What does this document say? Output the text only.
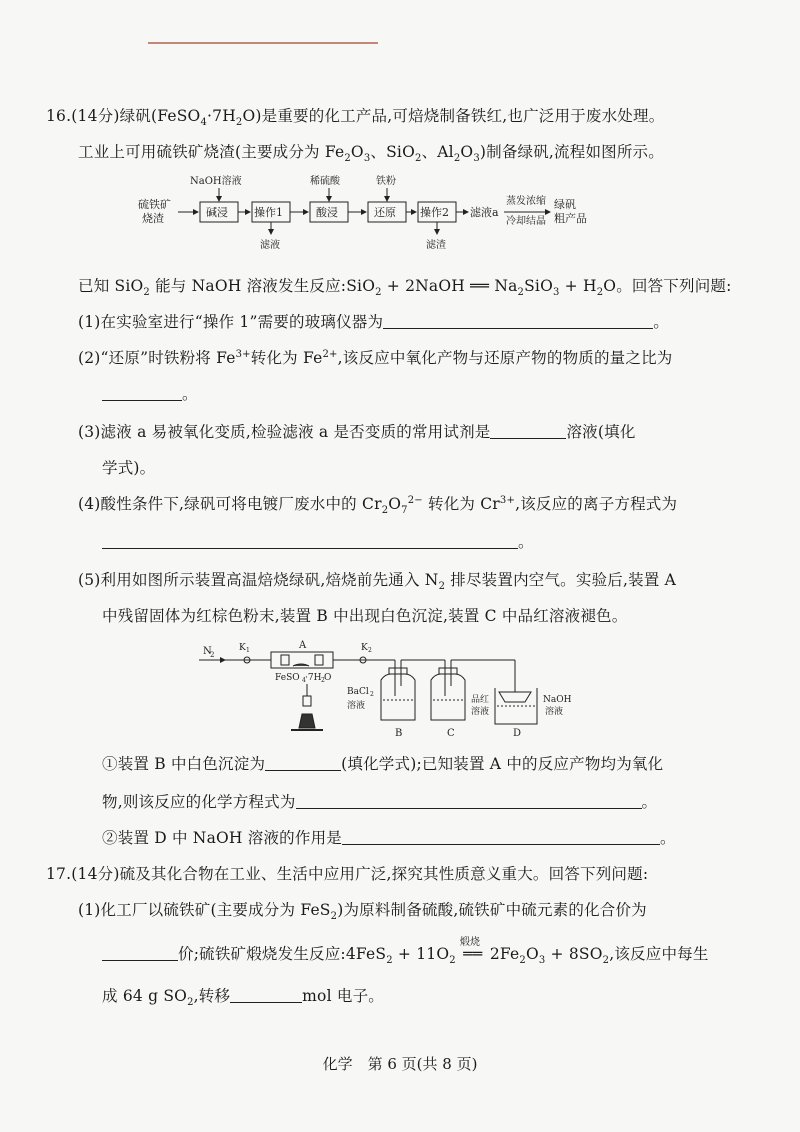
16.(14分)绿矾$(FeSO_4\cdot 7H_2O)$是重要的化工产品,可焙烧制备铁红,也广泛用于废水处理。
工业上可用硫铁矿烧渣(主要成分为 $Fe_2O_3$、SiO$_2$、$Al_2O_3$)制备绿矾,流程如图所示。
硫铁矿
烧渣	碱浸
NaOH溶液
操作1
滤液
酸浸
稀硫酸
还原
铁粉
操作2
滤渣
滤液a
蒸发浓缩
冷却结晶
绿矾
粗产品
已知 SiO$_2$ 能与 NaOH 溶液发生反应:SiO$_2$ + 2NaOH ══ $Na_2SiO_3 + H_2O$。回答下列问题:
(1)在实验室进行“操作 1”需要的玻璃仪器为	。
(2)“还原”时铁粉将 $Fe^{3+}$转化为 $Fe^{2+}$,该反应中氧化产物与还原产物的物质的量之比为
。
(3)滤液 a 易被氧化变质,检验滤液 a 是否变质的常用试剂是	溶液(填化
学式)。
(4)酸性条件下,绿矾可将电镀厂废水中的 $Cr_2O_7^{2-}$ 转化为 $Cr^{3+}$,该反应的离子方程式为
。
(5)利用如图所示装置高温焙烧绿矾,焙烧前先通入 $N_2$ 排尽装置内空气。实验后,装置 A
中残留固体为红棕色粉末,装置 B 中出现白色沉淀,装置 C 中品红溶液褪色。
N
2
K 1	A	K 2
FeSO 4 ·7H 2 O
BaCl 2
溶液
B	C
品红
溶液
D
NaOH
溶液
①装置 B 中白色沉淀为	(填化学式);已知装置 A 中的反应产物均为氧化
物,则该反应的化学方程式为	。
②装置 D 中 NaOH 溶液的作用是	。
17.(14分)硫及其化合物在工业、生活中应用广泛,探究其性质意义重大。回答下列问题:
(1)化工厂以硫铁矿(主要成分为 FeS$_2$)为原料制备硫酸,硫铁矿中硫元素的化合价为
价;硫铁矿煅烧发生反应:4FeS$_2$ + $11O_2$
煅烧
══ $2Fe_2O_3 + 8SO_2$,该反应中每生
成 64 g $SO_2$,转移	mol 电子。
化学　第 6 页(共 8 页)
